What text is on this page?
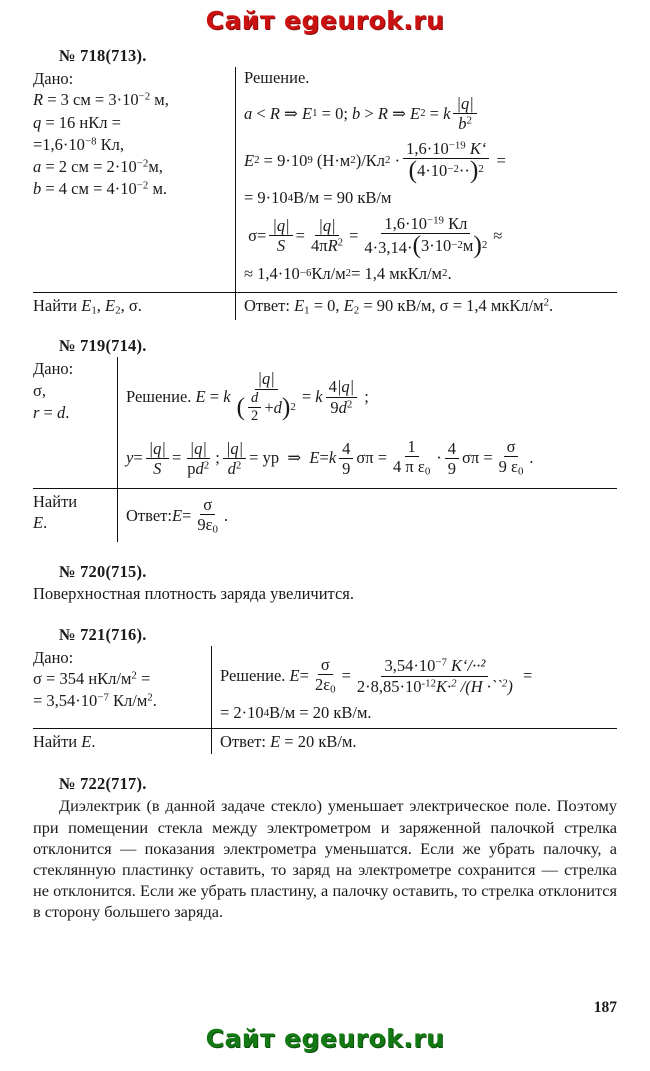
Сайт egeurok.ru
№ 718(713).
Дано:
R = 3 см = $3\cdot 10^{-2}$ м,
q = 16 нКл =
$=1,6\cdot 10^{-8}$ Кл,
a = 2 см = $2\cdot 10^{-2}м$,
b = 4 см = $4\cdot 10^{-2}$ м.

Решение.
a < R ⇒ E 1 = 0; b > R ⇒ E 2 = k $\frac{|q|}{b^2}$
E 2 = 9·10 9 (Н·м 2 )/Кл $2 \cdot \frac{1,6\cdot 10^{-19} К‘}{( 4\cdot 10 -2 \cdot\cdot ) 2}$ =
= 9·10 4 В/м = 90 кВ/м
$\sigma= \frac{|q|}{S} = \frac{|q|}{4\pi R^2} = \frac{1,6\cdot 10^{-19} Кл}{4\cdot 3,14\cdot ( 3\cdot 10 -2 м ) 2}$ ≈
≈ 1,4·10 −6 Кл/м 2 = 1,4 мкКл/м 2 .

Найти $E_1$, $E_2$, σ.	Ответ: $E_1 = 0$, $E_2 = 90$ кВ/м, σ = 1,4 мкКл/$м^2$.
№ 719(714).
Дано:
σ,
r = d.

Решение.
E = k $\frac{|q|}{( \frac{d}{2} + d ) 2} = k \frac{4|q|}{9d^2}$ ;
$y = \frac{|q|}{S} = \frac{|q|}{pd^2}$ ; $\frac{|q|}{d^2}$ = ур  ⇒ E = k $\frac{4}{9}$ $\sigma\pi = \frac{1}{4 \pi \varepsilon_0} \cdot \frac{4}{9}$ $\sigma\pi = \frac{\sigma}{9 \varepsilon_0}$ .

Найти
E.	Ответ: $E = \frac{\sigma}{9\varepsilon_0}$ .
№ 720(715).
Поверхностная плотность заряда увеличится.
№ 721(716).
Дано:
σ = 354 нКл/$м^2$ =
= $3,54\cdot 10^{-7}$ $Кл/м^2$.

Решение.
$E = \frac{\sigma}{2\varepsilon_0} = \frac{3,54\cdot 10^{-7} К‘/\cdot\cdot^2}{2\cdot 8,85\cdot 10^{-12}К\cdot^2 /(Н \cdot``^2)}$ =
= 2·10 4 В/м = 20 кВ/м.

Найти E.	Ответ: E = 20 кВ/м.
№ 722(717).

Диэлектрик (в данной задаче стекло) уменьшает электрическое поле. Поэтому при помещении стекла между электрометром и заряженной палочкой стрелка отклонится — показания электрометра уменьшатся. Если же убрать палочку, а стеклянную пластинку оставить, то заряд на электрометре сохранится — стрелка не отклонится. Если же убрать пластину, а палочку оставить, то стрелка отклонится в сторону большего заряда.

187
Сайт egeurok.ru
